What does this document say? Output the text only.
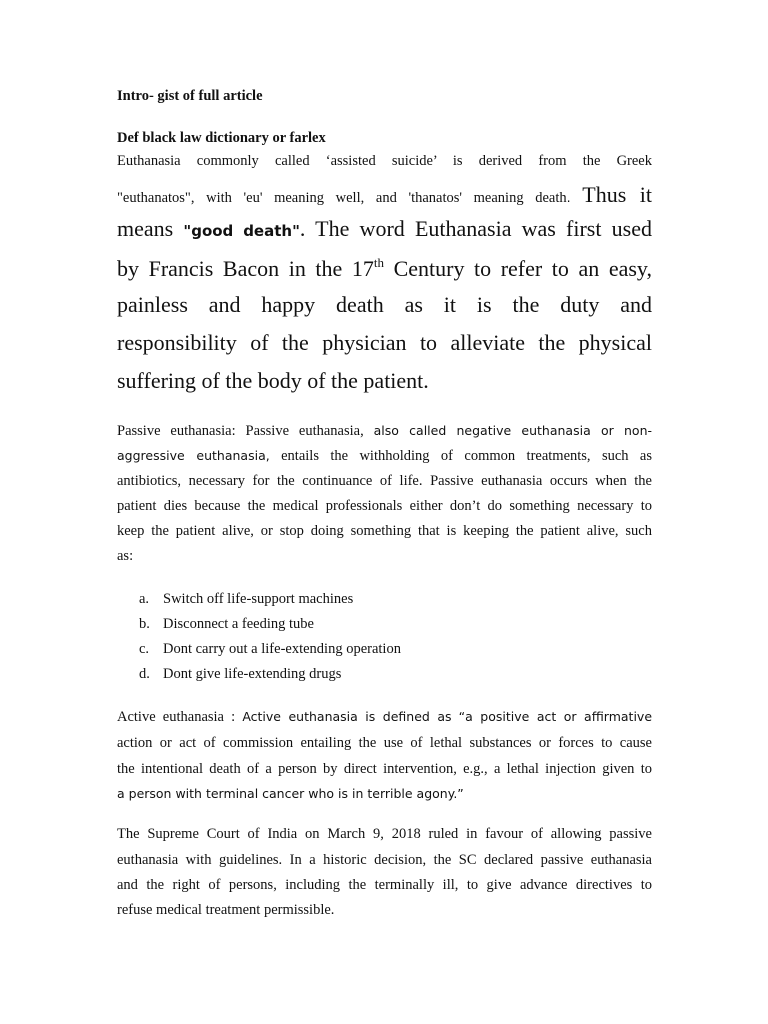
Intro- gist of full article
Def black law dictionary or farlex
Euthanasia commonly called ‘assisted suicide’ is derived from the Greek
"euthanatos", with 'eu' meaning well, and 'thanatos' meaning death. Thus it
means "good death". The word Euthanasia was first used
by Francis Bacon in the 17th Century to refer to an easy,
painless and happy death as it is the duty and
responsibility of the physician to alleviate the physical
suffering of the body of the patient.
Passive euthanasia: Passive euthanasia, also called negative euthanasia or non-
aggressive euthanasia, entails the withholding of common treatments, such as
antibiotics, necessary for the continuance of life. Passive euthanasia occurs when the
patient dies because the medical professionals either don’t do something necessary to
keep the patient alive, or stop doing something that is keeping the patient alive, such
as:
a. Switch off life-support machines
b. Disconnect a feeding tube
c. Dont carry out a life-extending operation
d. Dont give life-extending drugs
Active euthanasia : Active euthanasia is defined as “a positive act or affirmative
action or act of commission entailing the use of lethal substances or forces to cause
the intentional death of a person by direct intervention, e.g., a lethal injection given to
a person with terminal cancer who is in terrible agony.”
The Supreme Court of India on March 9, 2018 ruled in favour of allowing passive
euthanasia with guidelines. In a historic decision, the SC declared passive euthanasia
and the right of persons, including the terminally ill, to give advance directives to
refuse medical treatment permissible.
